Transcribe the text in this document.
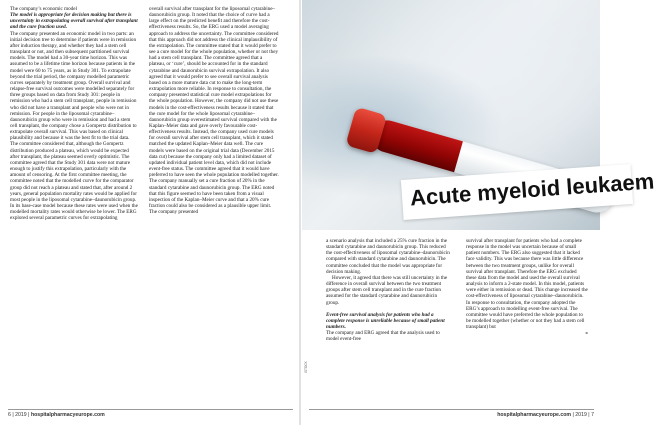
The company’s economic model

The model is appropriate for decision making but there is uncertainty in extrapolating overall survival after transplant and the cure fraction used.

The company presented an economic model in two parts: an initial decision tree to determine if patients were in remission after induction therapy, and whether they had a stem cell transplant or not, and then subsequent partitioned survival models. The model had a 30-year time horizon. This was assumed to be a lifetime time horizon because patients in the model were 60 to 75 years, as in Study 301. To extrapolate beyond the trial period, the company modelled parametric curves separately by treatment group. Overall survival and relapse-free survival outcomes were modelled separately for three groups based on data from Study 301: people in remission who had a stem cell transplant, people in remission who did not have a transplant and people who were not in remission. For people in the liposomal cytarabine–daunorubicin group who were in remission and had a stem cell transplant, the company chose a Gompertz distribution to extrapolate overall survival. This was based on clinical plausibility and because it was the best fit to the trial data. The committee considered that, although the Gompertz distribution produced a plateau, which would be expected after transplant, the plateau seemed overly optimistic. The committee agreed that the Study 301 data were not mature enough to justify this extrapolation, particularly with the amount of censoring. At the first committee meeting, the committee noted that the modelled curve for the comparator group did not reach a plateau and stated that, after around 2 years, general population mortality rates would be applied for most people in the liposomal cytarabine–daunorubicin group. In its base-case model because these rates were used when the modelled mortality rates would otherwise be lower. The ERG explored several parametric curves for extrapolating

overall survival after transplant for the liposomal cytarabine–daunorubicin group. It noted that the choice of curve had a large effect on the predicted benefit and therefore the cost-effectiveness results. So, the ERG used a model averaging approach to address the uncertainty. The committee considered that this approach did not address the clinical implausibility of the extrapolation. The committee stated that it would prefer to see a cure model for the whole population, whether or not they had a stem cell transplant. The committee agreed that a plateau, or ‘cure’, should be accounted for in the standard cytarabine and daunorubicin survival extrapolation. It also agreed that it would prefer to see overall survival analysis based on a more mature data cut to make the long-term extrapolation more reliable. In response to consultation, the company presented statistical cure model extrapolations for the whole population. However, the company did not use these models in the cost-effectiveness results because it stated that the cure model for the whole liposomal cytarabine–daunorubicin group overestimated survival compared with the Kaplan–Meier data and gave overly favourable cost-effectiveness results. Instead, the company used cure models for overall survival after stem cell transplant, which it stated matched the updated Kaplan–Meier data well. The cure models were based on the original trial data (December 2015 data cut) because the company only had a limited dataset of updated individual patient level data, which did not include event-free status. The committee agreed that it would have preferred to have seen the whole population modelled together. The company manually set a cure fraction of 20% in the standard cytarabine and daunorubicin group. The ERG noted that this figure seemed to have been taken from a visual inspection of the Kaplan–Meier curve and that a 20% cure fraction could also be considered as a plausible upper limit. The company presented

6 | 2019 | hospitalpharmacyeurope.com
Acute myeloid leukaem
ISTOCK

a scenario analysis that included a 25% cure fraction in the standard cytarabine and daunorubicin group. This reduced the cost-effectiveness of liposomal cytarabine–daunorubicin compared with standard cytarabine and daunorubicin. The committee concluded that the model was appropriate for decision making.

However, it agreed that there was still uncertainty in the difference in overall survival between the two treatment groups after stem cell transplant and in the cure fraction assumed for the standard cytarabine and daunorubicin group.

Event-free survival analysis for patients who had a complete response is unreliable because of small patient numbers.

The company and ERG agreed that the analysis used to model event-free

survival after transplant for patients who had a complete response in the model was uncertain because of small patient numbers. The ERG also suggested that it lacked face validity. This was because there was little difference between the two treatment groups, unlike for overall survival after transplant. Therefore the ERG excluded these data from the model and used the overall survival analysis to inform a 2-state model. In this model, patients were either in remission or dead. This change increased the cost-effectiveness of liposomal cytarabine–daunorubicin. In response to consultation, the company adopted the ERG’s approach to modelling event-free survival. The committee would have preferred the whole population to be modelled together (whether or not they had a stem cell transplant) but

»

hospitalpharmacyeurope.com | 2019 | 7
